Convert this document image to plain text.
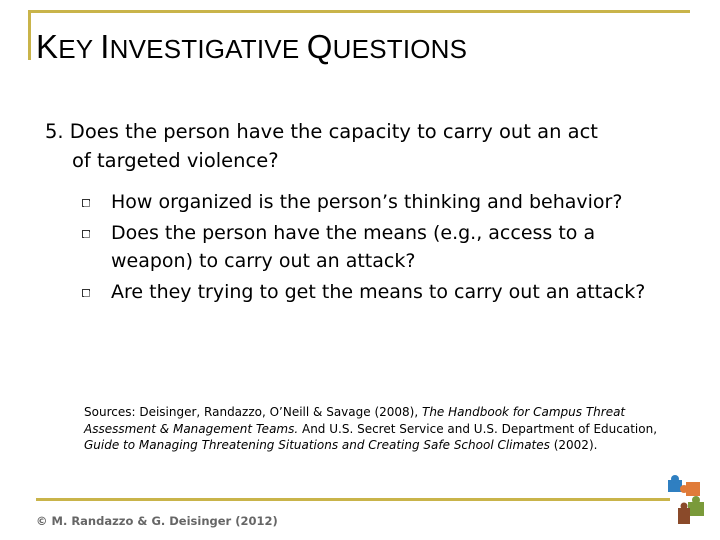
KEY INVESTIGATIVE QUESTIONS
5. Does the person have the capacity to carry out an act
of targeted violence?
How organized is the person’s thinking and behavior?
Does the person have the means (e.g., access to a weapon) to carry out an attack?
Are they trying to get the means to carry out an attack?
Sources: Deisinger, Randazzo, O’Neill & Savage (2008), The Handbook for Campus Threat Assessment & Management Teams. And U.S. Secret Service and U.S. Department of Education, Guide to Managing Threatening Situations and Creating Safe School Climates (2002).
© M. Randazzo & G. Deisinger (2012)
